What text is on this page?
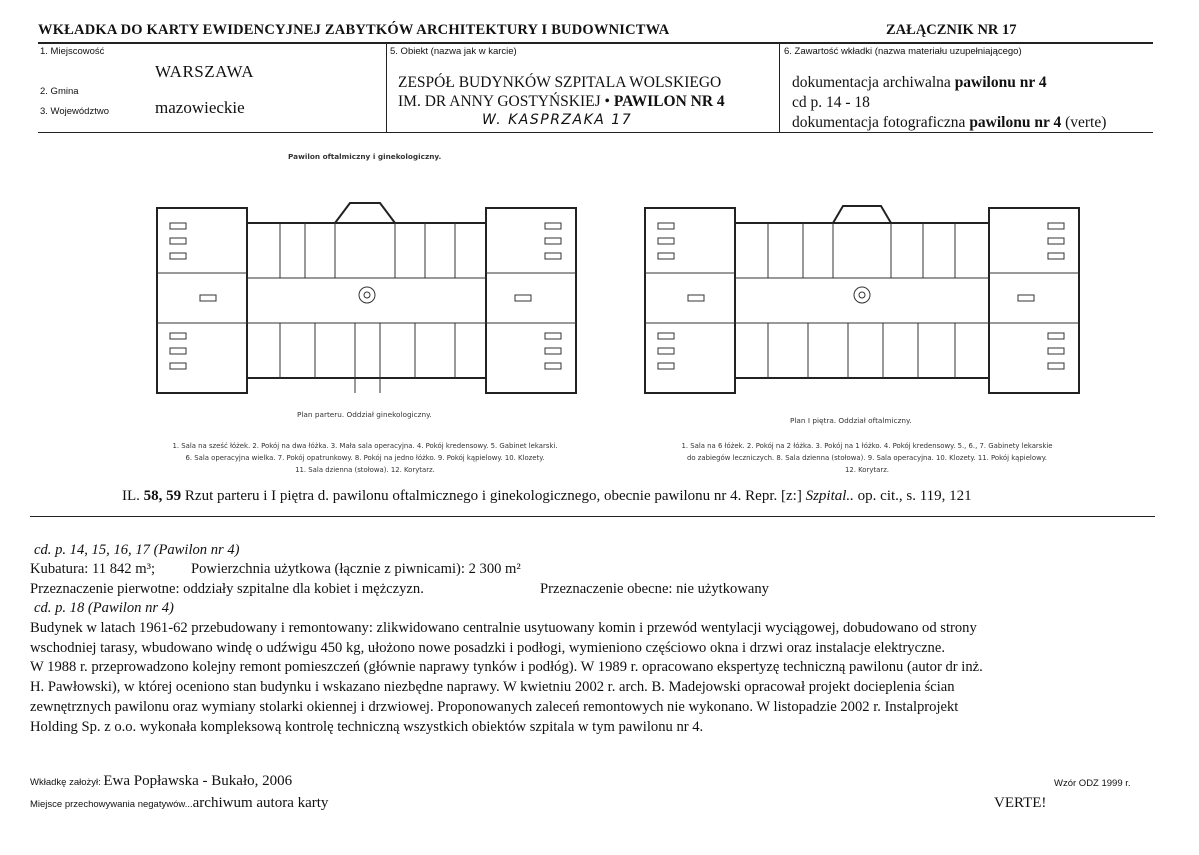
WKŁADKA DO KARTY EWIDENCYJNEJ ZABYTKÓW ARCHITEKTURY I BUDOWNICTWA	ZAŁĄCZNIK NR 17
1. Miejscowość
WARSZAWA
2. Gmina
3. Województwo	mazowieckie
5. Obiekt (nazwa jak w karcie)
ZESPÓŁ BUDYNKÓW SZPITALA WOLSKIEGO
IM. DR ANNY GOSTYŃSKIEJ • PAWILON NR 4
W. KASPRZAKA 17
6. Zawartość wkładki (nazwa materiału uzupełniającego)
dokumentacja archiwalna pawilonu nr 4
cd p. 14 - 18
dokumentacja fotograficzna pawilonu nr 4 (verte)
Pawilon oftalmiczny i ginekologiczny.
Plan parteru. Oddział ginekologiczny.
Plan I piętra. Oddział oftalmiczny.
1. Sala na sześć łóżek. 2. Pokój na dwa łóżka. 3. Mała sala operacyjna. 4. Pokój kredensowy. 5. Gabinet lekarski.
6. Sala operacyjna wielka. 7. Pokój opatrunkowy. 8. Pokój na jedno łóżko. 9. Pokój kąpielowy. 10. Klozety.
11. Sala dzienna (stołowa). 12. Korytarz.
1. Sala na 6 łóżek. 2. Pokój na 2 łóżka. 3. Pokój na 1 łóżko. 4. Pokój kredensowy. 5., 6., 7. Gabinety lekarskie
do zabiegów leczniczych. 8. Sala dzienna (stołowa). 9. Sala operacyjna. 10. Klozety. 11. Pokój kąpielowy.
12. Korytarz.
IL. 58, 59 Rzut parteru i I piętra d. pawilonu oftalmicznego i ginekologicznego, obecnie pawilonu nr 4. Repr. [z:] Szpital.. op. cit., s. 119, 121
cd. p. 14, 15, 16, 17 (Pawilon nr 4)
Kubatura: 11 842 m³; Powierzchnia użytkowa (łącznie z piwnicami): 2 300 m²
Przeznaczenie pierwotne: oddziały szpitalne dla kobiet i mężczyzn.	Przeznaczenie obecne: nie użytkowany
cd. p. 18 (Pawilon nr 4)
Budynek w latach 1961-62 przebudowany i remontowany: zlikwidowano centralnie usytuowany komin i przewód wentylacji wyciągowej, dobudowano od strony
wschodniej tarasy, wbudowano windę o udźwigu 450 kg, ułożono nowe posadzki i podłogi, wymieniono częściowo okna i drzwi oraz instalacje elektryczne.
W 1988 r. przeprowadzono kolejny remont pomieszczeń (głównie naprawy tynków i podłóg). W 1989 r. opracowano ekspertyzę techniczną pawilonu (autor dr inż.
H. Pawłowski), w której oceniono stan budynku i wskazano niezbędne naprawy. W kwietniu 2002 r. arch. B. Madejowski opracował projekt docieplenia ścian
zewnętrznych pawilonu oraz wymiany stolarki okiennej i drzwiowej. Proponowanych zaleceń remontowych nie wykonano. W listopadzie 2002 r. Instalprojekt
Holding Sp. z o.o. wykonała kompleksową kontrolę techniczną wszystkich obiektów szpitala w tym pawilonu nr 4.
Wkładkę założył: Ewa Popławska - Bukało, 2006
Miejsce przechowywania negatywów...archiwum autora karty
Wzór ODZ 1999 r.
VERTE!
